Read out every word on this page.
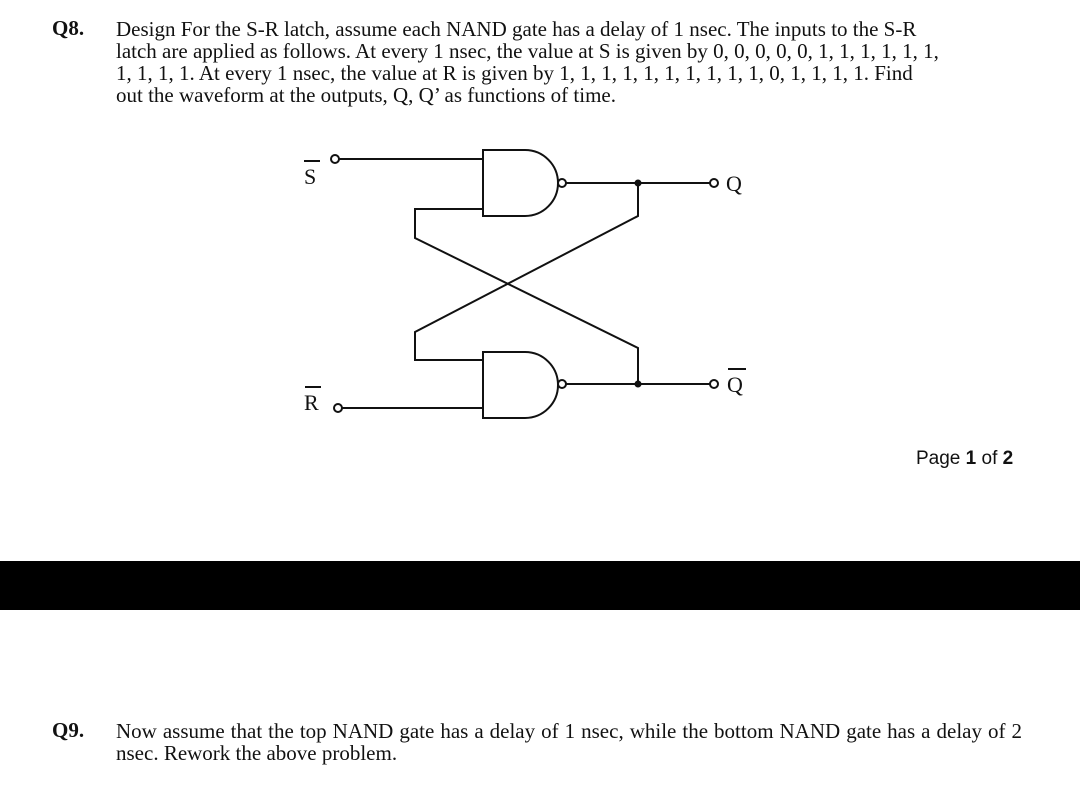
Q8. Design For the S-R latch, assume each NAND gate has a delay of 1 nsec. The inputs to the S-R
latch are applied as follows. At every 1 nsec, the value at S is given by 0, 0, 0, 0, 0, 1, 1, 1, 1, 1, 1,
1, 1, 1, 1. At every 1 nsec, the value at R is given by 1, 1, 1, 1, 1, 1, 1, 1, 1, 1, 0, 1, 1, 1, 1. Find
out the waveform at the outputs, Q, Q’ as functions of time.
S
R
Q
Q
Page 1 of 2
Q9. Now assume that the top NAND gate has a delay of 1 nsec, while the bottom NAND gate has a delay of 2 nsec. Rework the above problem.
